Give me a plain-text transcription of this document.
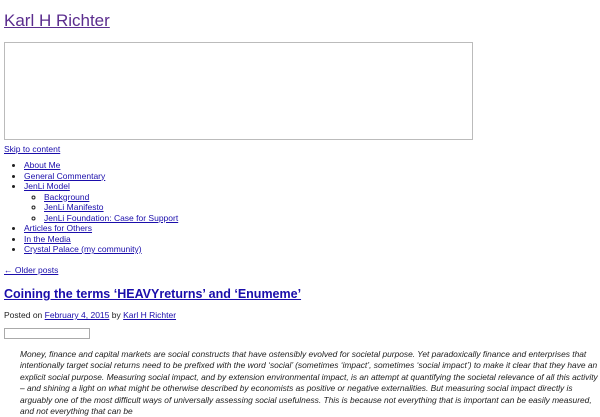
Karl H Richter
Skip to content
• About Me
• General Commentary
• JenLi Model
◦ Background
◦ JenLi Manifesto
◦ JenLi Foundation: Case for Support
• Articles for Others
• In the Media
• Crystal Palace (my community)
← Older posts
Coining the terms ‘HEAVYreturns’ and ‘Enumeme’
Posted on February 4, 2015 by Karl H Richter

Money, finance and capital markets are social constructs that have ostensibly evolved for societal purpose. Yet paradoxically finance and enterprises that intentionally target social returns need to be prefixed with the word ‘social’ (sometimes ‘impact’, sometimes ‘social impact’) to make it clear that they have an explicit social purpose. Measuring social impact, and by extension environmental impact, is an attempt at quantifying the societal relevance of all this activity – and shining a light on what might be otherwise described by economists as positive or negative externalities. But measuring social impact directly is arguably one of the most difficult ways of universally assessing social usefulness. This is because not everything that is important can be easily measured, and not everything that can be
